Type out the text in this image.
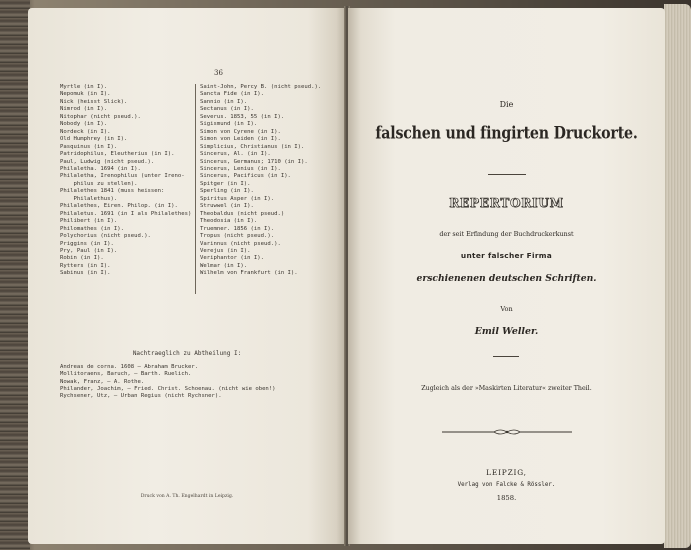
36
Myrtle (in I).
Nepomuk (in I).
Nick (heisst Slick).
Nimrod (in I).
Nitophar (nicht pseud.).
Nobody (in I).
Nordeck (in I).
Old Humphrey (in I).
Pasquinus (in I).
Patridophilus, Eleutherius (in I).
Paul, Ludwig (nicht pseud.).
Philalethа. 1694 (in I).
Philaletha, Irenophilus (unter Ireno-
philus zu stellen).
Philalethes 1841 (muss heissen:
Philalethus).
Philalethes, Eiren. Philop. (in I).
Philaletus. 1691 (in I als Philalethes)
Philibert (in I).
Philomathes (in I).
Polychorius (nicht pseud.).
Priggins (in I).
Pry, Paul (in I).
Robin (in I).
Rytters (in I).
Sabinus (in I).
Saint-John, Percy B. (nicht pseud.).
Sancta Fide (in I).
Sannio (in I).
Sectanus (in I).
Severus. 1853, 55 (in I).
Sigismund (in I).
Simon von Cyrene (in I).
Simon von Leiden (in I).
Simplicius, Christianus (in I).
Sincerus, Al. (in I).
Sincerus, Germanus; 1710 (in I).
Sincerus, Lenius (in I).
Sincerus, Pacificus (in I).
Spitger (in I).
Sperling (in I).
Spiritus Asper (in I).
Struwwel (in I).
Theobaldus (nicht pseud.)
Theodosia (in I).
Truemner. 1856 (in I).
Tropus (nicht pseud.).
Varinnus (nicht pseud.).
Verejus (in I).
Veriphantor (in I).
Welmar (in I).
Wilhelm von Frankfurt (in I).
Nachtraeglich zu Abtheilung I:
Andreas de corna. 1608 — Abraham Brucker.
Mollitoraens, Baruch, — Barth. Ruelich.
Nowak, Franz, — A. Rothe.
Philander, Joachim, — Fried. Christ. Schoenau. (nicht wie oben!)
Rychsener, Utz, — Urban Regius (nicht Rychsner).
Druck von A. Th. Engelhardt in Leipzig.
Die
falschen und fingirten Druckorte.
REPERTORIUM
der seit Erfindung der Buchdruckerkunst
unter falscher Firma
erschienenen deutschen Schriften.
Von
Emil Weller.
Zugleich als der »Maskirten Literatur« zweiter Theil.
LEIPZIG,
Verlag von Falcke & Rössler.
1858.
